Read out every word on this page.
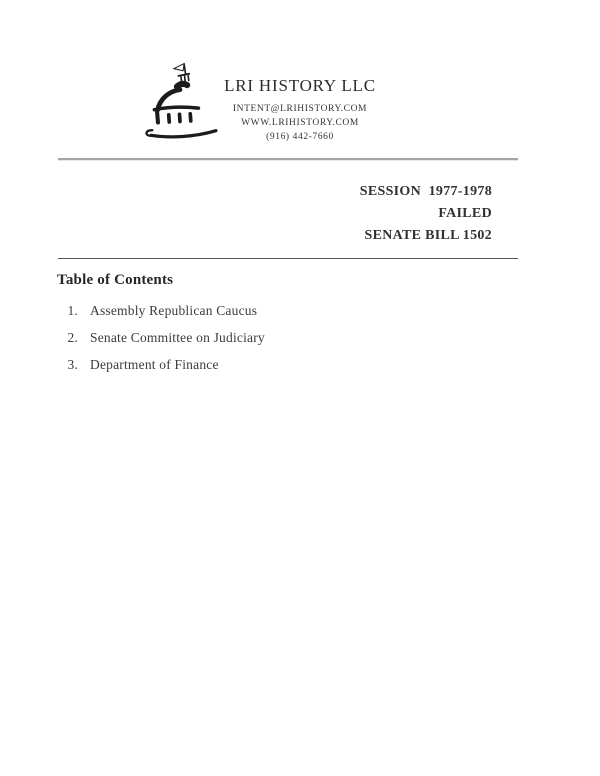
LRI HISTORY LLC
INTENT@LRIHISTORY.COM
WWW.LRIHISTORY.COM
(916) 442-7660
SESSION  1977-1978
FAILED
SENATE BILL 1502
Table of Contents
1. Assembly Republican Caucus
2. Senate Committee on Judiciary
3. Department of Finance
